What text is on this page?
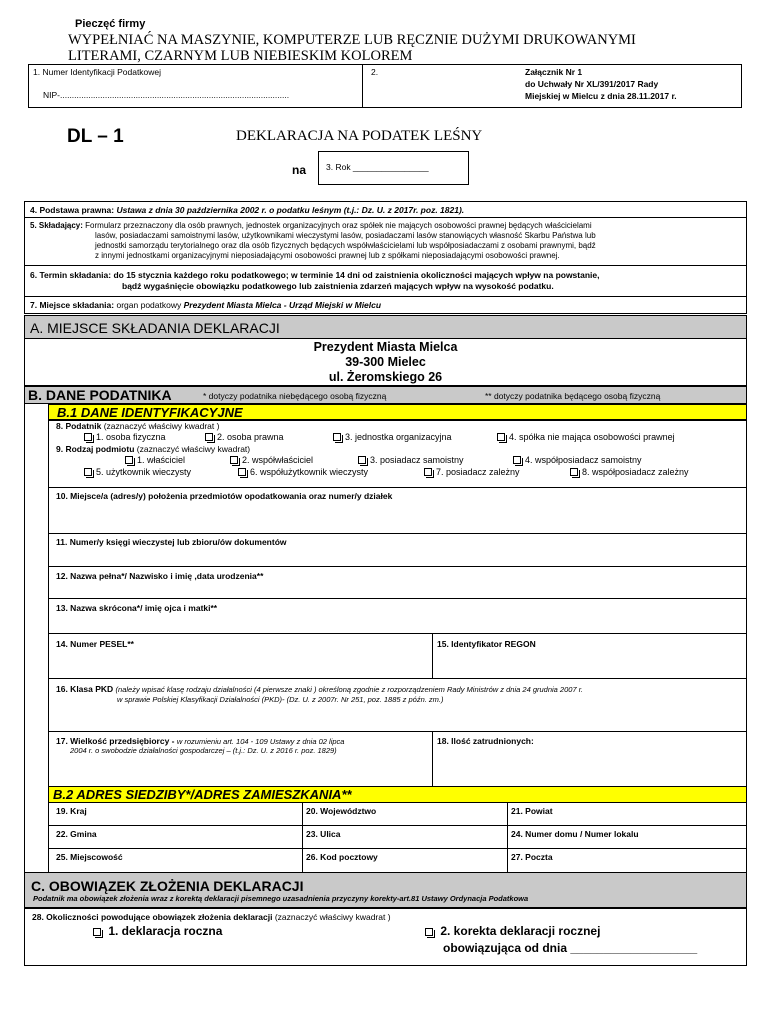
Pieczęć firmy
WYPEŁNIAĆ NA MASZYNIE, KOMPUTERZE LUB RĘCZNIE DUŻYMI DRUKOWANYMI
LITERAMI, CZARNYM LUB NIEBIESKIM KOLOREM
1. Numer Identyfikacji Podatkowej
NIP-.................................................................................................
2.	Załącznik Nr 1
do Uchwały Nr XL/391/2017 Rady
Miejskiej w Mielcu z dnia 28.11.2017 r.
DL – 1	DEKLARACJA NA PODATEK LEŚNY
na 3. Rok ________________
4. Podstawa prawna: Ustawa z dnia 30 października 2002 r. o podatku leśnym (t.j.: Dz. U. z 2017r. poz. 1821).
5. Składający: Formularz przeznaczony dla osób prawnych, jednostek organizacyjnych oraz spółek nie mających osobowości prawnej będących właścicielami
lasów, posiadaczami samoistnymi lasów, użytkownikami wieczystymi lasów, posiadaczami lasów stanowiących własność Skarbu Państwa lub
jednostki samorządu terytorialnego oraz dla osób fizycznych będących współwłaścicielami lub współposiadaczami z osobami prawnymi, bądź
z innymi jednostkami organizacyjnymi nieposiadającymi osobowości prawnej lub z spółkami nieposiadającymi osobowości prawnej.
6. Termin składania: do 15 stycznia każdego roku podatkowego; w terminie 14 dni od zaistnienia okoliczności mających wpływ na powstanie,
bądź wygaśnięcie obowiązku podatkowego lub zaistnienia zdarzeń mających wpływ na wysokość podatku.
7. Miejsce składania: organ podatkowy Prezydent Miasta Mielca - Urząd Miejski w Mielcu
A. MIEJSCE SKŁADANIA DEKLARACJI
Prezydent Miasta Mielca
39-300 Mielec
ul. Żeromskiego 26
B. DANE PODATNIKA	* dotyczy podatnika niebędącego osobą fizyczną	** dotyczy podatnika będącego osobą fizyczną
B.1 DANE IDENTYFIKACYJNE
8. Podatnik (zaznaczyć właściwy kwadrat )
1. osoba fizyczna	2. osoba prawna	3. jednostka organizacyjna	4. spółka nie mająca osobowości prawnej
9. Rodzaj podmiotu (zaznaczyć właściwy kwadrat)
1. właściciel	2. współwłaściciel	3. posiadacz samoistny	4. współposiadacz samoistny
5. użytkownik wieczysty	6. współużytkownik wieczysty	7. posiadacz zależny	8. współposiadacz zależny
10. Miejsce/a (adres/y) położenia przedmiotów opodatkowania oraz numer/y działek
11. Numer/y księgi wieczystej lub zbioru/ów dokumentów
12. Nazwa pełna*/ Nazwisko i imię ,data urodzenia**
13. Nazwa skrócona*/ imię ojca i matki**
14. Numer PESEL**	15. Identyfikator REGON
16. Klasa PKD (należy wpisać klasę rodzaju działalności (4 pierwsze znaki ) określoną zgodnie z rozporządzeniem Rady Ministrów z dnia 24 grudnia 2007 r.
w sprawie Polskiej Klasyfikacji Działalności (PKD)- (Dz. U. z 2007r. Nr 251, poz. 1885 z późn. zm.)
17. Wielkość przedsiębiorcy - w rozumieniu art. 104 - 109 Ustawy z dnia 02 lipca
2004 r. o swobodzie działalności gospodarczej – (t.j.: Dz. U. z 2016 r. poz. 1829)
18. Ilość zatrudnionych:
B.2 ADRES SIEDZIBY*/ADRES ZAMIESZKANIA**
19. Kraj	20. Województwo	21. Powiat
22. Gmina	23. Ulica	24. Numer domu / Numer lokalu
25. Miejscowość	26. Kod pocztowy	27. Poczta
C. OBOWIĄZEK ZŁOŻENIA DEKLARACJI
Podatnik ma obowiązek złożenia wraz z korektą deklaracji pisemnego uzasadnienia przyczyny korekty-art.81 Ustawy Ordynacja Podatkowa
28. Okoliczności powodujące obowiązek złożenia deklaracji (zaznaczyć właściwy kwadrat )
1. deklaracja roczna	2. korekta deklaracji rocznej
obowiązująca od dnia ___________________
